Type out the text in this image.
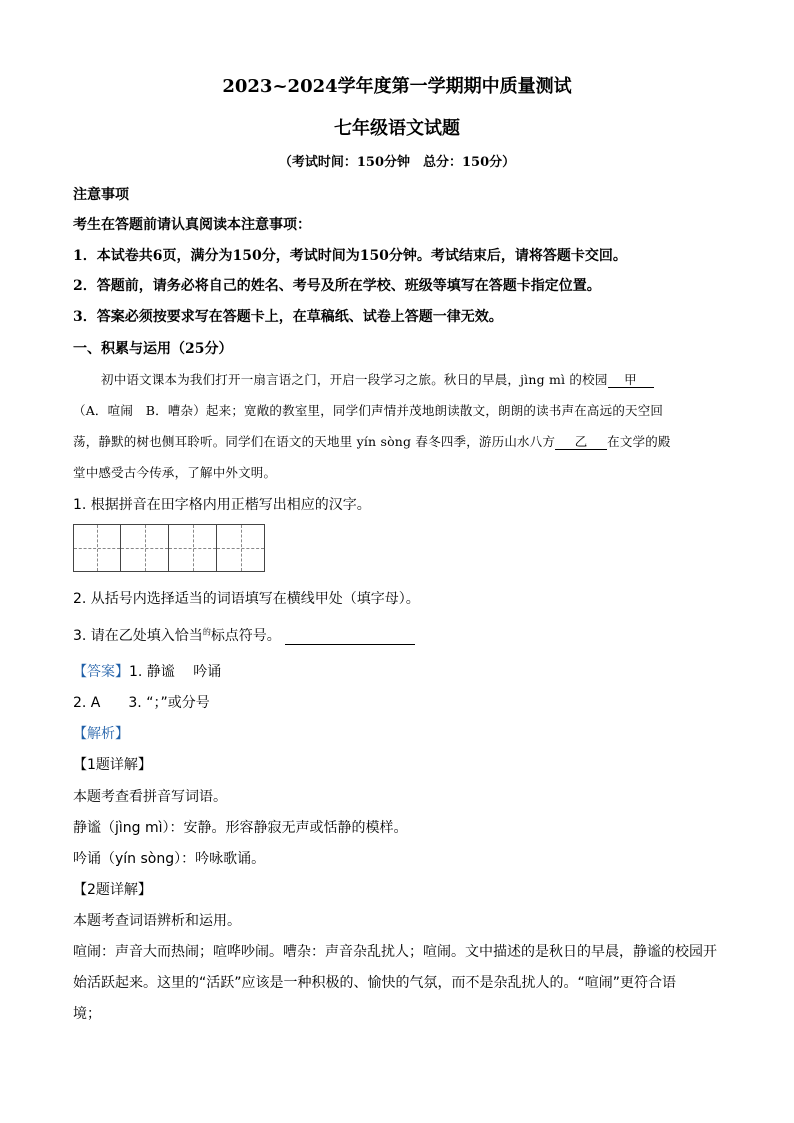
2023~2024学年度第一学期期中质量测试
七年级语文试题
（考试时间：150分钟　总分：150分）
注意事项
考生在答题前请认真阅读本注意事项：
1．本试卷共6页，满分为150分，考试时间为150分钟。考试结束后，请将答题卡交回。
2．答题前，请务必将自己的姓名、考号及所在学校、班级等填写在答题卡指定位置。
3．答案必须按要求写在答题卡上，在草稿纸、试卷上答题一律无效。
一、积累与运用（25分）
初中语文课本为我们打开一扇言语之门，开启一段学习之旅。秋日的早晨，jìng mì 的校园 甲
（A．喧闹　B．嘈杂）起来；宽敞的教室里，同学们声情并茂地朗读散文，朗朗的读书声在高远的天空回
荡，静默的树也侧耳聆听。同学们在语文的天地里 yín sòng 春冬四季，游历山水八方 乙 在文学的殿
堂中感受古今传承，了解中外文明。
1. 根据拼音在田字格内用正楷写出相应的汉字。
2. 从括号内选择适当的词语填写在横线甲处（填字母）。
3. 请在乙处填入恰当$^的$标点符号。
【答案】1. 静谧　 吟诵
2. A　　3. “；”或分号
【解析】
【1题详解】
本题考查看拼音写词语。
静谧（jìng mì）：安静。形容静寂无声或恬静的模样。
吟诵（yín sòng）：吟咏歌诵。
【2题详解】
本题考查词语辨析和运用。
喧闹：声音大而热闹；喧哗吵闹。嘈杂：声音杂乱扰人；喧闹。文中描述的是秋日的早晨，静谧的校园开
始活跃起来。这里的“活跃”应该是一种积极的、愉快的气氛，而不是杂乱扰人的。“喧闹”更符合语
境；
